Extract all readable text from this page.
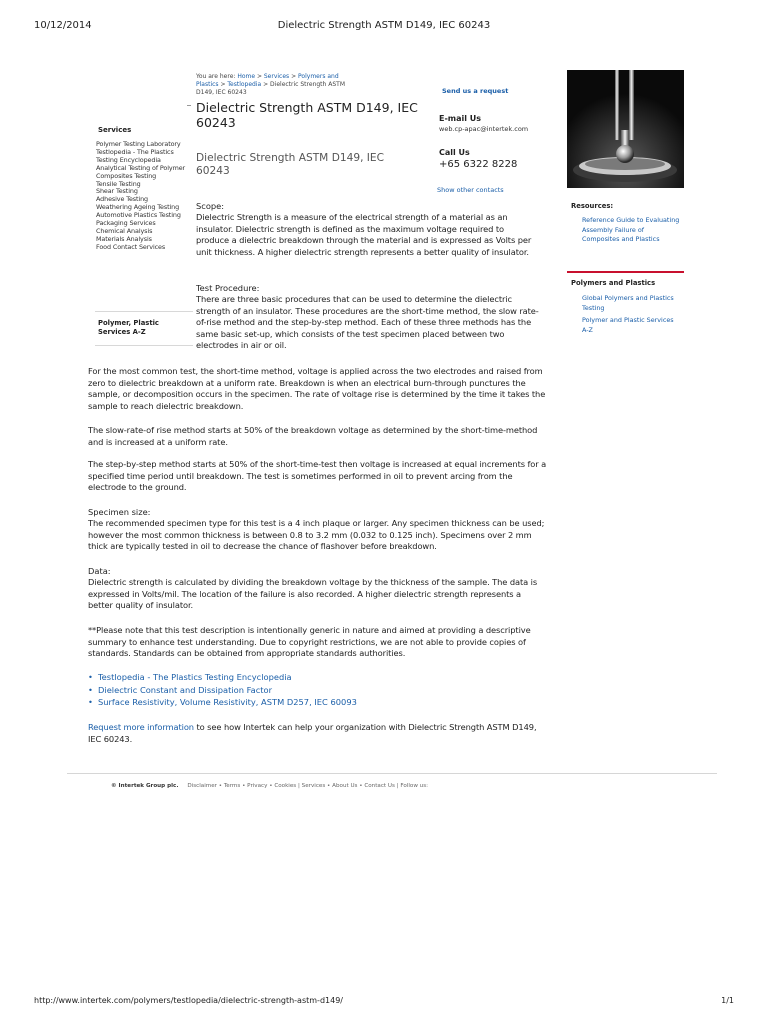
10/12/2014	Dielectric Strength ASTM D149, IEC 60243
You are here: Home > Services > Polymers and Plastics > Testlopedia > Dielectric Strength ASTM D149, IEC 60243
Services
Polymer Testing Laboratory
Testlopedia - The Plastics Testing Encyclopedia
Analytical Testing of Polymer
Composites Testing
Tensile Testing
Shear Testing
Adhesive Testing
Weathering Ageing Testing
Automotive Plastics Testing
Packaging Services
Chemical Analysis
Materials Analysis
Food Contact Services
Polymer, Plastic Services A-Z
Dielectric Strength ASTM D149, IEC 60243
Dielectric Strength ASTM D149, IEC 60243
Send us a request
E-mail Us
web.cp-apac@intertek.com
Call Us
+65 6322 8228
Show other contacts
Resources:
Reference Guide to Evaluating Assembly Failure of Composites and Plastics
Polymers and Plastics
Global Polymers and Plastics Testing
Polymer and Plastic Services A-Z
Scope:

Dielectric Strength is a measure of the electrical strength of a material as an insulator. Dielectric strength is defined as the maximum voltage required to produce a dielectric breakdown through the material and is expressed as Volts per unit thickness. A higher dielectric strength represents a better quality of insulator.

Test Procedure:

There are three basic procedures that can be used to determine the dielectric strength of an insulator. These procedures are the short-time method, the slow rate-of-rise method and the step-by-step method. Each of these three methods has the same basic set-up, which consists of the test specimen placed between two electrodes in air or oil.

For the most common test, the short-time method, voltage is applied across the two electrodes and raised from zero to dielectric breakdown at a uniform rate. Breakdown is when an electrical burn-through punctures the sample, or decomposition occurs in the specimen. The rate of voltage rise is determined by the time it takes the sample to reach dielectric breakdown.

The slow-rate-of rise method starts at 50% of the breakdown voltage as determined by the short-time-method and is increased at a uniform rate.

The step-by-step method starts at 50% of the short-time-test then voltage is increased at equal increments for a specified time period until breakdown. The test is sometimes performed in oil to prevent arcing from the electrode to the ground.

Specimen size:

The recommended specimen type for this test is a 4 inch plaque or larger. Any specimen thickness can be used; however the most common thickness is between 0.8 to 3.2 mm (0.032 to 0.125 inch). Specimens over 2 mm thick are typically tested in oil to decrease the chance of flashover before breakdown.

Data:

Dielectric strength is calculated by dividing the breakdown voltage by the thickness of the sample. The data is expressed in Volts/mil. The location of the failure is also recorded. A higher dielectric strength represents a better quality of insulator.

**Please note that this test description is intentionally generic in nature and aimed at providing a descriptive summary to enhance test understanding. Due to copyright restrictions, we are not able to provide copies of standards. Standards can be obtained from appropriate standards authorities.

• Testlopedia - The Plastics Testing Encyclopedia
• Dielectric Constant and Dissipation Factor
• Surface Resistivity, Volume Resistivity, ASTM D257, IEC 60093

Request more information to see how Intertek can help your organization with Dielectric Strength ASTM D149, IEC 60243.

© Intertek Group plc. Disclaimer • Terms • Privacy • Cookies | Services • About Us • Contact Us | Follow us:
http://www.intertek.com/polymers/testlopedia/dielectric-strength-astm-d149/	1/1
